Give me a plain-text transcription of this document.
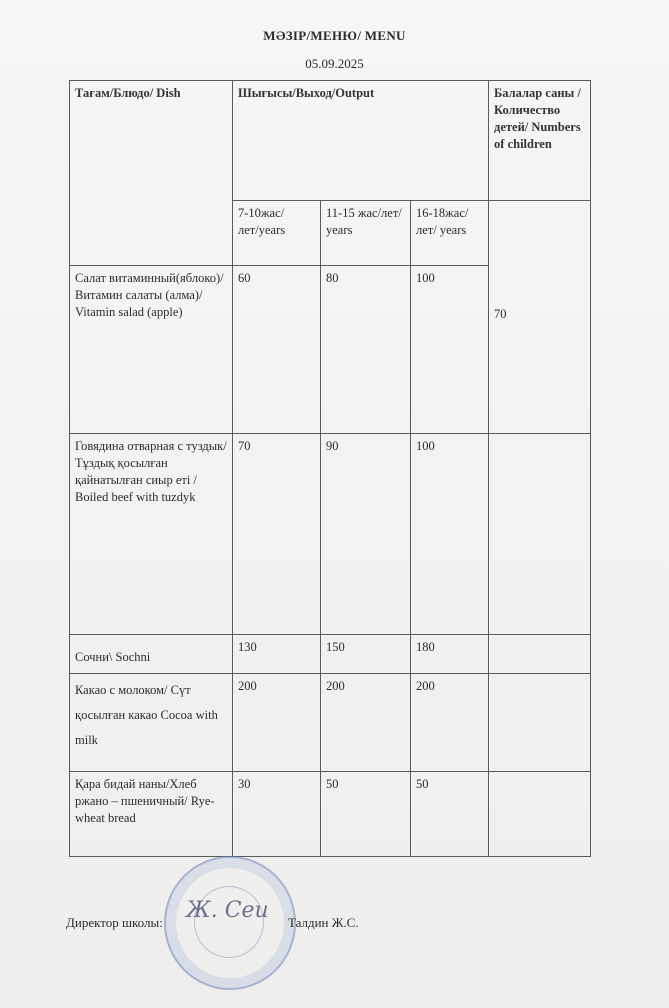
МӘЗІР/МЕНЮ/ MENU
05.09.2025
Тағам/Блюдо/ Dish	Шығысы/Выход/Output			Балалар саны /Количество детей/ Numbers of children
	7-10жас/лет/years	11-15 жас/лет/ years	16-18жас/лет/ years	70

Салат витаминный(яблоко)/ Витамин салаты (алма)/ Vitamin salad (apple)	60	80	100	
Говядина отварная с туздык/ Тұздық қосылған қайнатылған сиыр еті / Boiled beef with tuzdyk	70	90	100	
Сочни\ Sochni	130	150	180	
Какао с молоком/ Сүт қосылған какао Cocoa with milk	200	200	200	
Қара бидай наны/Хлеб ржано – пшеничный/ Rye-wheat bread	30	50	50	
Ж. Сеи
Директор школы:	Талдин Ж.С.
